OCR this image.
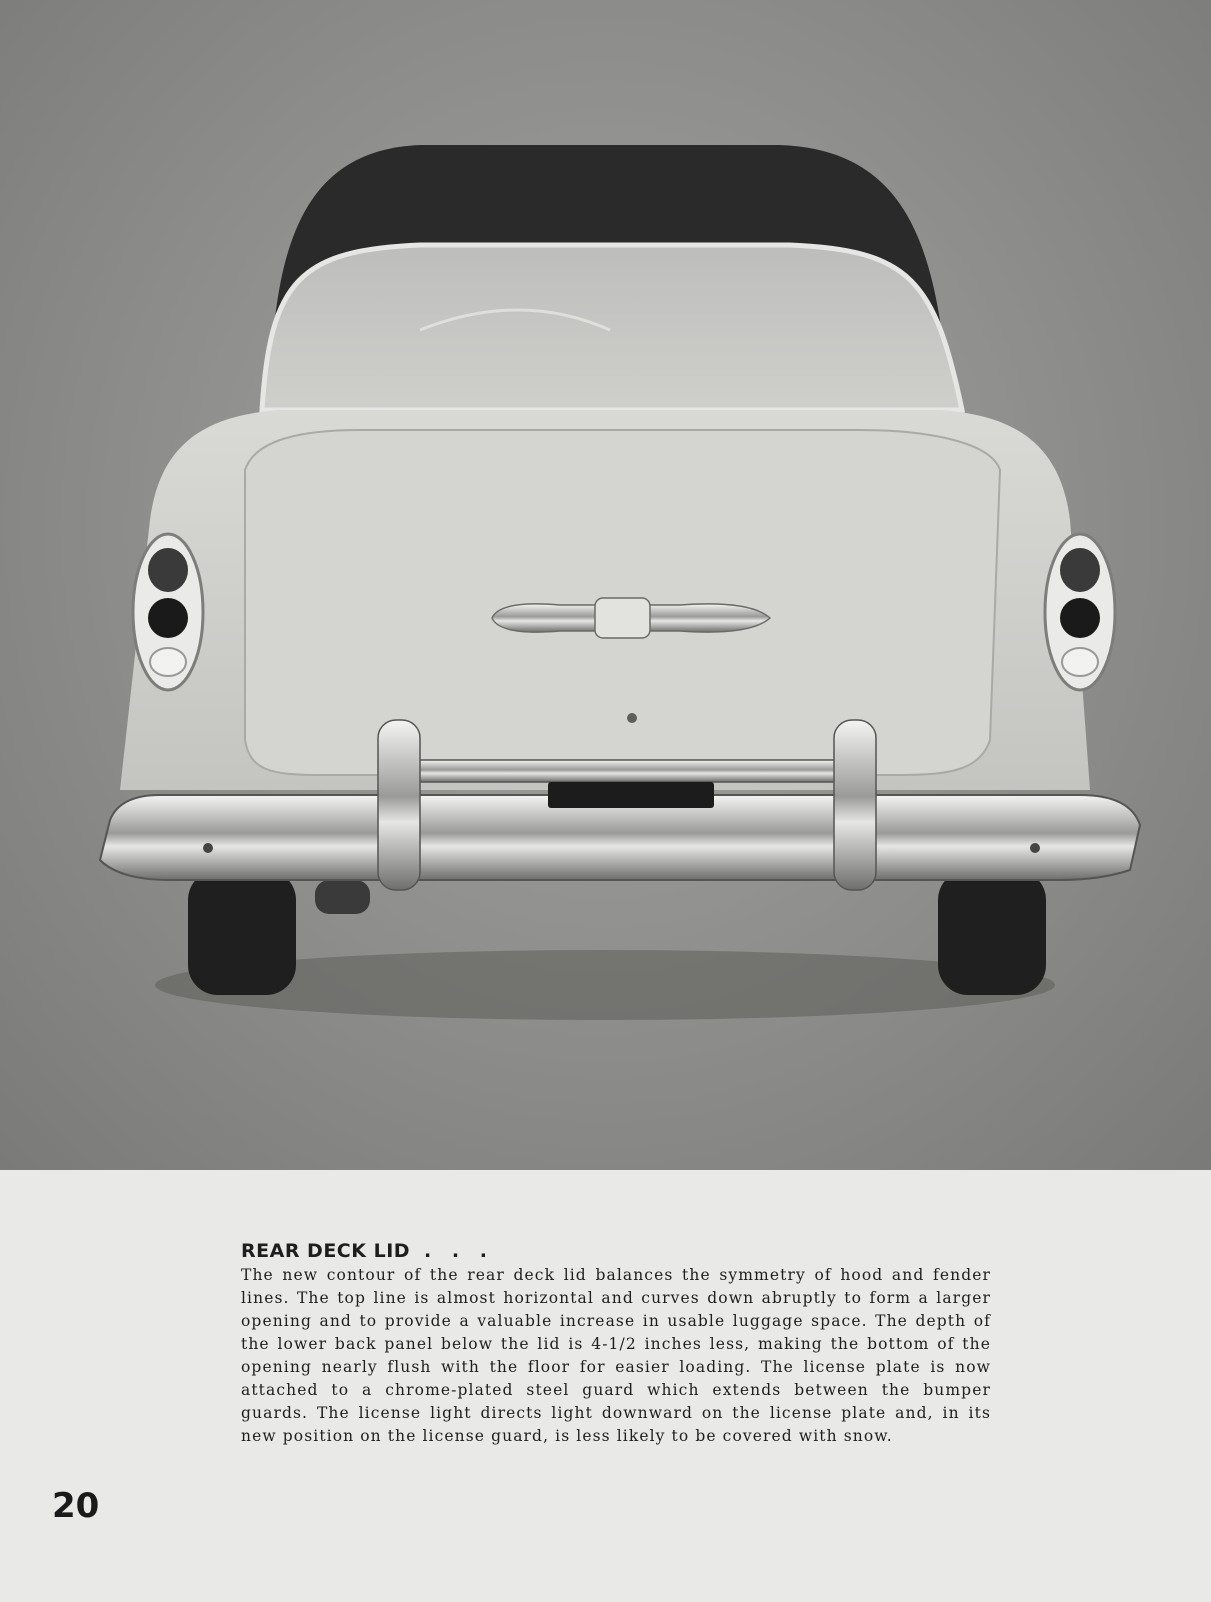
REAR DECK LID . . .

The new contour of the rear deck lid balances the symmetry of hood and fender lines. The top line is almost horizontal and curves down abruptly to form a larger opening and to provide a valuable increase in usable luggage space. The depth of the lower back panel below the lid is 4-1/2 inches less, making the bottom of the opening nearly flush with the floor for easier loading. The license plate is now attached to a chrome-plated steel guard which extends between the bumper guards. The license light directs light downward on the license plate and, in its new position on the license guard, is less likely to be covered with snow.

20
